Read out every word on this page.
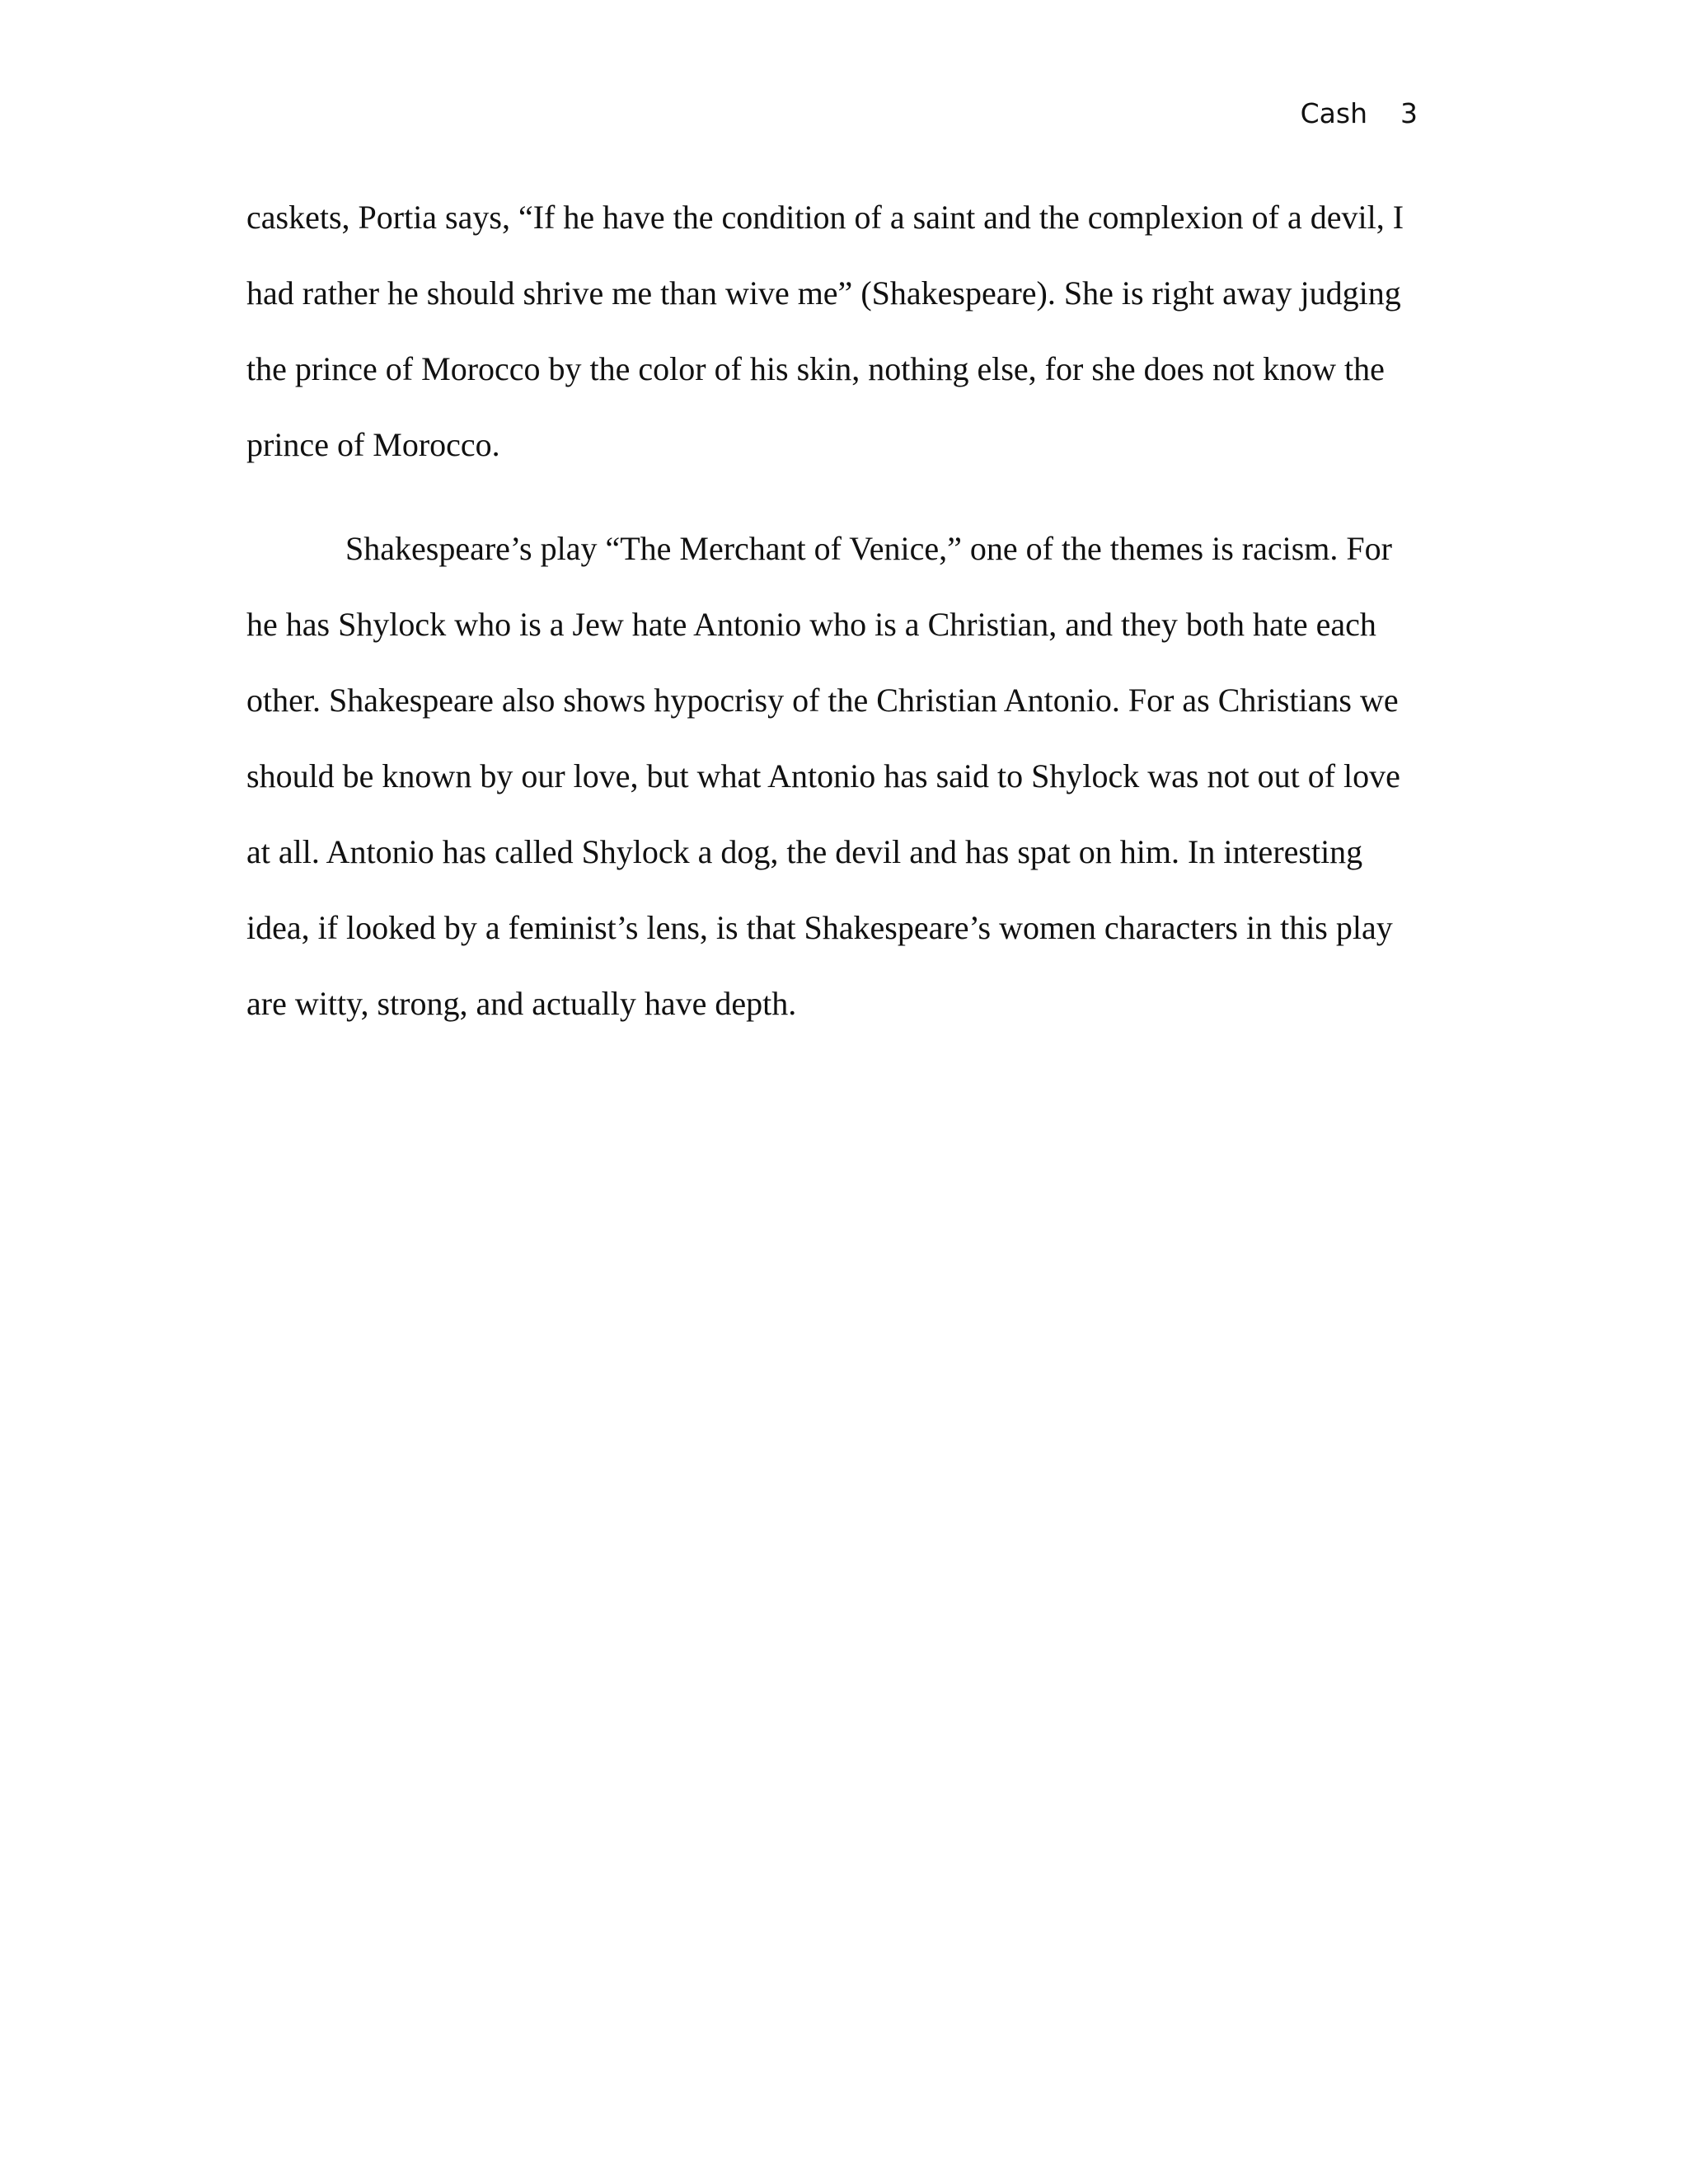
Cash 3
caskets, Portia says, “If he have the condition of a saint and the complexion of a devil, I
had rather he should shrive me than wive me” (Shakespeare). She is right away judging
the prince of Morocco by the color of his skin, nothing else, for she does not know the
prince of Morocco.
Shakespeare’s play “The Merchant of Venice,” one of the themes is racism. For
he has Shylock who is a Jew hate Antonio who is a Christian, and they both hate each
other. Shakespeare also shows hypocrisy of the Christian Antonio. For as Christians we
should be known by our love, but what Antonio has said to Shylock was not out of love
at all. Antonio has called Shylock a dog, the devil and has spat on him. In interesting
idea, if looked by a feminist’s lens, is that Shakespeare’s women characters in this play
are witty, strong, and actually have depth.
